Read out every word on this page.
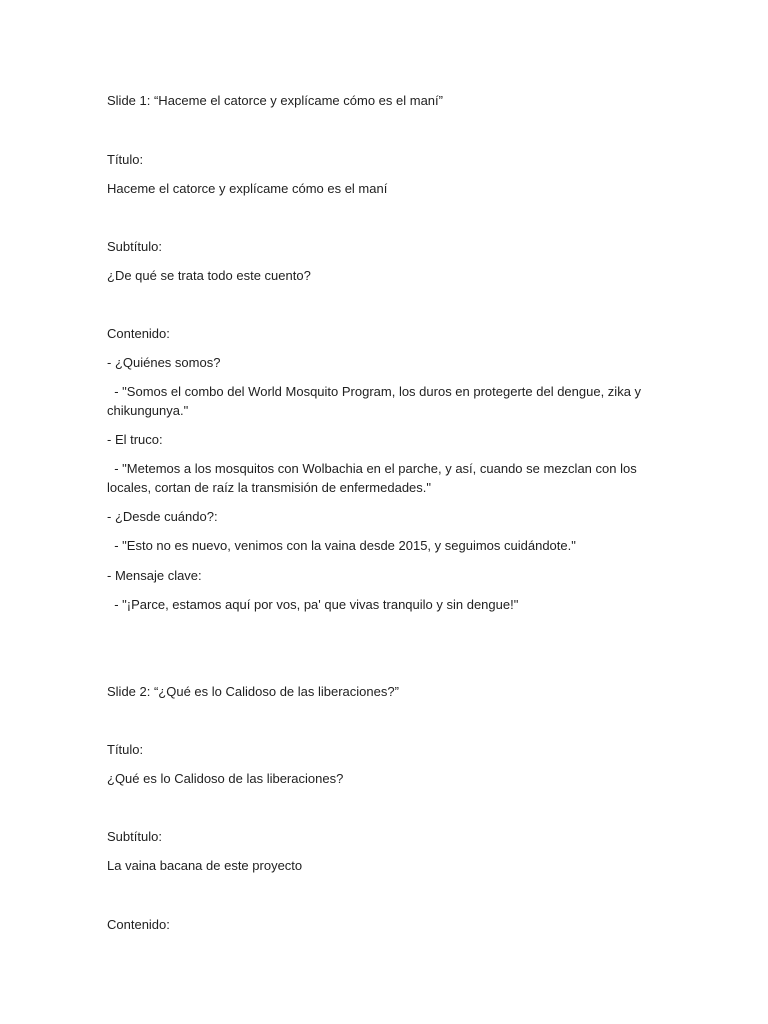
Slide 1: “Haceme el catorce y explícame cómo es el maní”
Título:
Haceme el catorce y explícame cómo es el maní
Subtítulo:
¿De qué se trata todo este cuento?
Contenido:
- ¿Quiénes somos?
- "Somos el combo del World Mosquito Program, los duros en protegerte del dengue, zika y chikungunya."
- El truco:
- "Metemos a los mosquitos con Wolbachia en el parche, y así, cuando se mezclan con los locales, cortan de raíz la transmisión de enfermedades."
- ¿Desde cuándo?:
- "Esto no es nuevo, venimos con la vaina desde 2015, y seguimos cuidándote."
- Mensaje clave:
- "¡Parce, estamos aquí por vos, pa' que vivas tranquilo y sin dengue!"
Slide 2: “¿Qué es lo Calidoso de las liberaciones?”
Título:
¿Qué es lo Calidoso de las liberaciones?
Subtítulo:
La vaina bacana de este proyecto
Contenido:
